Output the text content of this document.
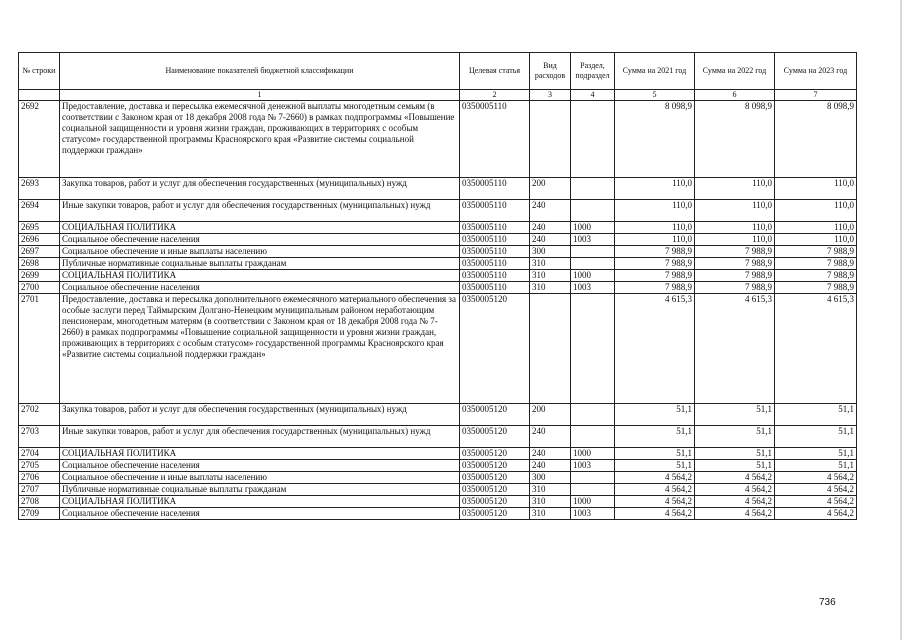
№ строки	Наименование показателей бюджетной классификации	Целевая статья	Вид расходов	Раздел, подраздел	Сумма на 2021 год	Сумма на 2022 год	Сумма на 2023 год
	1	2	3	4	5	6	7
2692	Предоставление, доставка и пересылка ежемесячной денежной выплаты многодетным семьям (в соответствии с Законом края от 18 декабря 2008 года № 7-2660) в рамках подпрограммы «Повышение социальной защищенности и уровня жизни граждан, проживающих в территориях с особым статусом» государственной программы Красноярского края «Развитие системы социальной поддержки граждан»	0350005110			8 098,9	8 098,9	8 098,9
2693	Закупка товаров, работ и услуг для обеспечения государственных (муниципальных) нужд	0350005110	200		110,0	110,0	110,0
2694	Иные закупки товаров, работ и услуг для обеспечения государственных (муниципальных) нужд	0350005110	240		110,0	110,0	110,0
2695	СОЦИАЛЬНАЯ ПОЛИТИКА	0350005110	240	1000	110,0	110,0	110,0
2696	Социальное обеспечение населения	0350005110	240	1003	110,0	110,0	110,0
2697	Социальное обеспечение и иные выплаты населению	0350005110	300		7 988,9	7 988,9	7 988,9
2698	Публичные нормативные социальные выплаты гражданам	0350005110	310		7 988,9	7 988,9	7 988,9
2699	СОЦИАЛЬНАЯ ПОЛИТИКА	0350005110	310	1000	7 988,9	7 988,9	7 988,9
2700	Социальное обеспечение населения	0350005110	310	1003	7 988,9	7 988,9	7 988,9
2701	Предоставление, доставка и пересылка дополнительного ежемесячного материального обеспечения за особые заслуги перед Таймырским Долгано-Ненецким муниципальным районом неработающим пенсионерам, многодетным матерям (в соответствии с Законом края от 18 декабря 2008 года № 7-2660) в рамках подпрограммы «Повышение социальной защищенности и уровня жизни граждан, проживающих в территориях с особым статусом» государственной программы Красноярского края «Развитие системы социальной поддержки граждан»	0350005120			4 615,3	4 615,3	4 615,3
2702	Закупка товаров, работ и услуг для обеспечения государственных (муниципальных) нужд	0350005120	200		51,1	51,1	51,1
2703	Иные закупки товаров, работ и услуг для обеспечения государственных (муниципальных) нужд	0350005120	240		51,1	51,1	51,1
2704	СОЦИАЛЬНАЯ ПОЛИТИКА	0350005120	240	1000	51,1	51,1	51,1
2705	Социальное обеспечение населения	0350005120	240	1003	51,1	51,1	51,1
2706	Социальное обеспечение и иные выплаты населению	0350005120	300		4 564,2	4 564,2	4 564,2
2707	Публичные нормативные социальные выплаты гражданам	0350005120	310		4 564,2	4 564,2	4 564,2
2708	СОЦИАЛЬНАЯ ПОЛИТИКА	0350005120	310	1000	4 564,2	4 564,2	4 564,2
2709	Социальное обеспечение населения	0350005120	310	1003	4 564,2	4 564,2	4 564,2
736
